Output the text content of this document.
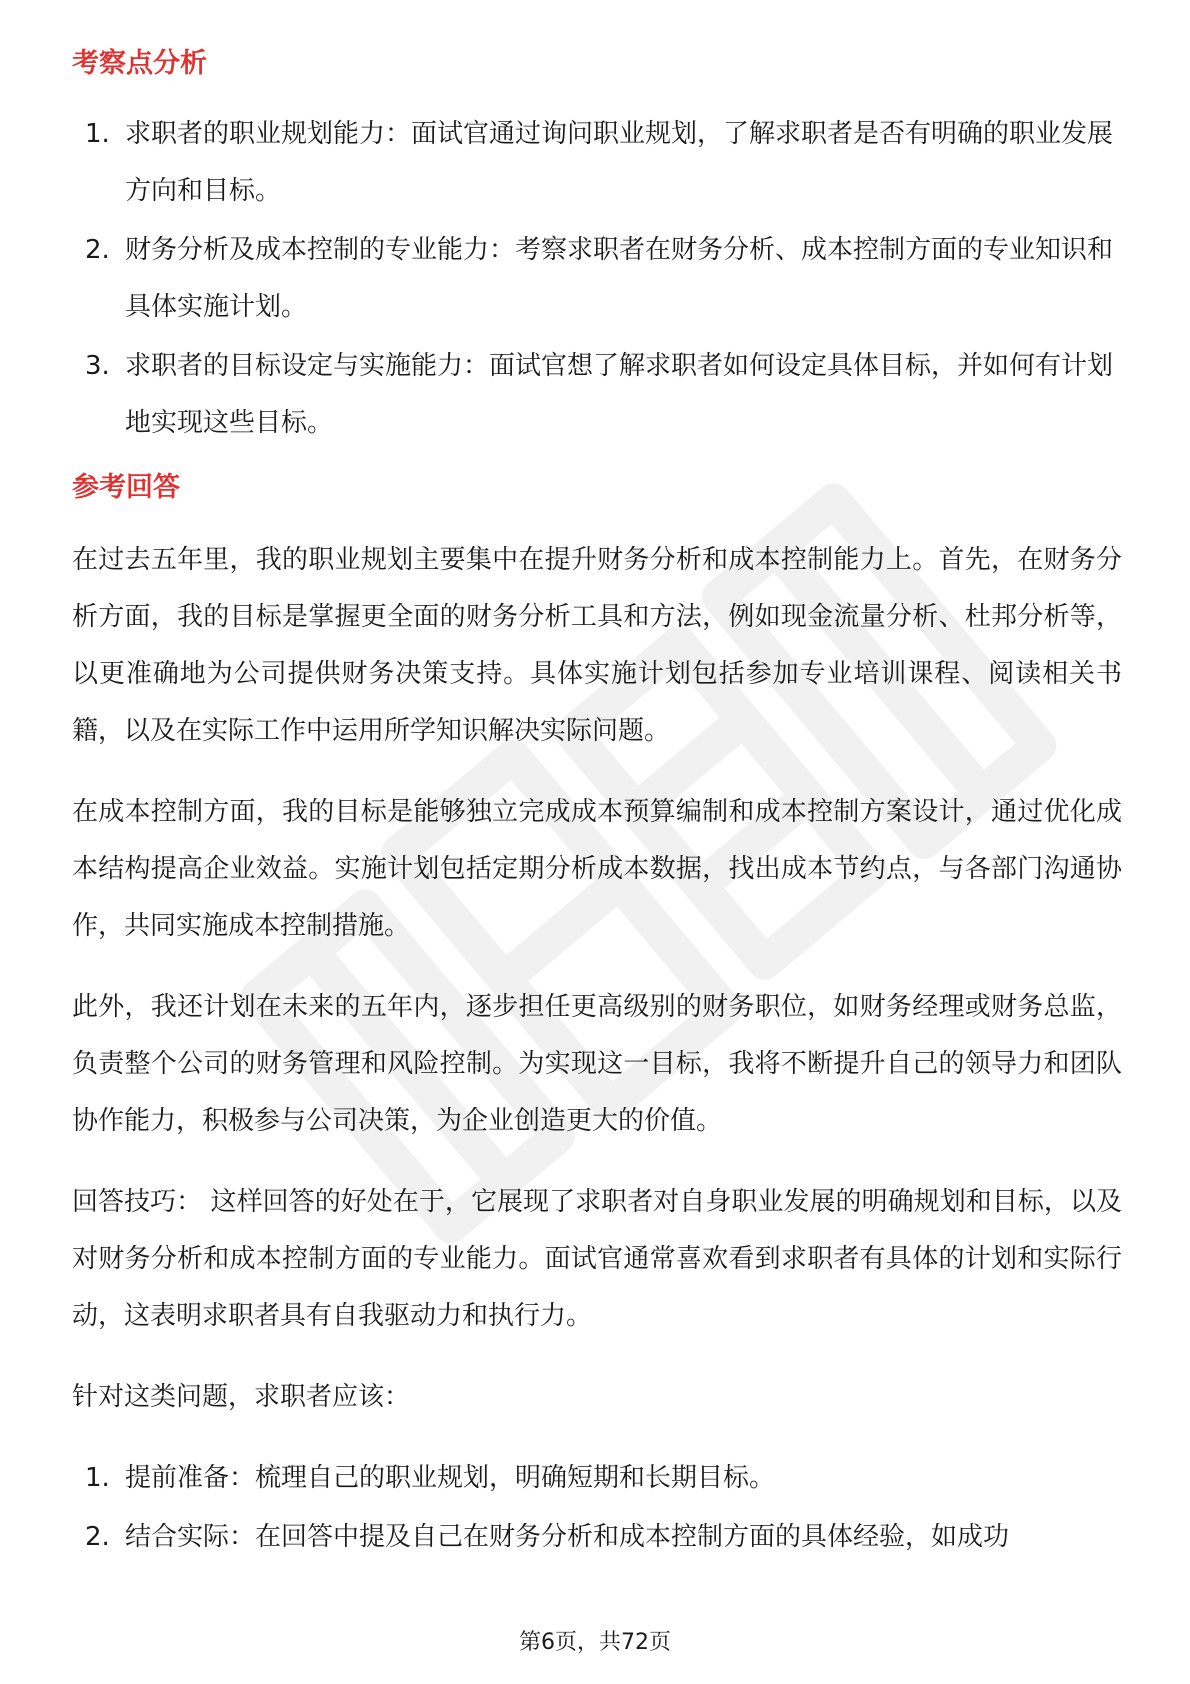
考察点分析
1. 求职者的职业规划能力：面试官通过询问职业规划，了解求职者是否有明确的职业发展方向和目标。
2. 财务分析及成本控制的专业能力：考察求职者在财务分析、成本控制方面的专业知识和具体实施计划。
3. 求职者的目标设定与实施能力：面试官想了解求职者如何设定具体目标，并如何有计划地实现这些目标。
参考回答

在过去五年里，我的职业规划主要集中在提升财务分析和成本控制能力上。首先，在财务分析方面，我的目标是掌握更全面的财务分析工具和方法，例如现金流量分析、杜邦分析等，以更准确地为公司提供财务决策支持。具体实施计划包括参加专业培训课程、阅读相关书籍，以及在实际工作中运用所学知识解决实际问题。

在成本控制方面，我的目标是能够独立完成成本预算编制和成本控制方案设计，通过优化成本结构提高企业效益。实施计划包括定期分析成本数据，找出成本节约点，与各部门沟通协作，共同实施成本控制措施。

此外，我还计划在未来的五年内，逐步担任更高级别的财务职位，如财务经理或财务总监，负责整个公司的财务管理和风险控制。为实现这一目标，我将不断提升自己的领导力和团队协作能力，积极参与公司决策，为企业创造更大的价值。

回答技巧： 这样回答的好处在于，它展现了求职者对自身职业发展的明确规划和目标，以及对财务分析和成本控制方面的专业能力。面试官通常喜欢看到求职者有具体的计划和实际行动，这表明求职者具有自我驱动力和执行力。

针对这类问题，求职者应该：

1. 提前准备：梳理自己的职业规划，明确短期和长期目标。
2. 结合实际：在回答中提及自己在财务分析和成本控制方面的具体经验，如成功
第6页，共72页
